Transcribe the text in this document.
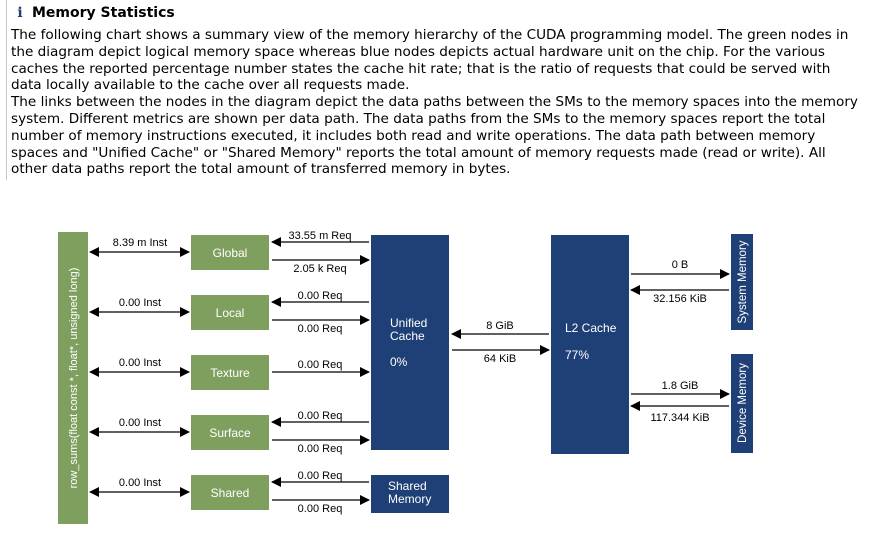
i Memory Statistics

The following chart shows a summary view of the memory hierarchy of the CUDA programming model. The green nodes in the diagram depict logical memory space whereas blue nodes depicts actual hardware unit on the chip. For the various caches the reported percentage number states the cache hit rate; that is the ratio of requests that could be served with data locally available to the cache over all requests made.

The links between the nodes in the diagram depict the data paths between the SMs to the memory spaces into the memory system. Different metrics are shown per data path. The data paths from the SMs to the memory spaces report the total number of memory instructions executed, it includes both read and write operations. The data path between memory spaces and "Unified Cache" or "Shared Memory" reports the total amount of memory requests made (read or write). All other data paths report the total amount of transferred memory in bytes.

row_sums(float const *, float*, unsigned long)
Global
Local
Texture
Surface
Shared
Unified
Cache
0%
Shared
Memory
L2 Cache
77%
System Memory
Device Memory
8.39 m Inst
0.00 Inst
0.00 Inst
0.00 Inst
0.00 Inst
33.55 m Req
2.05 k Req
0.00 Req
0.00 Req
0.00 Req
0.00 Req
0.00 Req
0.00 Req
0.00 Req
8 GiB
64 KiB
0 B
32.156 KiB
1.8 GiB
117.344 KiB
